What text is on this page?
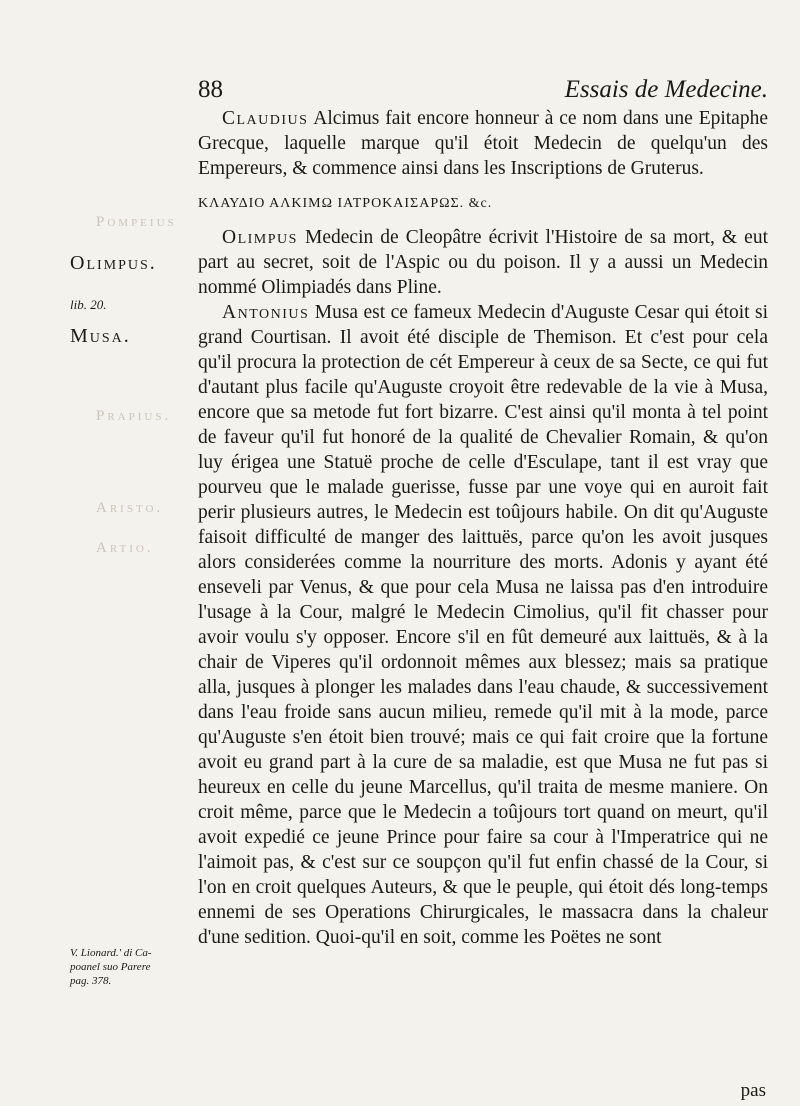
Pompeius
Prapius.
Aristo.
Artio.
88	Essais de Medecine.
Olimpus.
lib. 20.
Musa.
V. Lionard.' di Ca-
poanel suo Parere
pag. 378.

Claudius Alcimus fait encore honneur à ce nom dans une Epitaphe Grecque, laquelle marque qu'il étoit Medecin de quelqu'un des Empereurs, & commence ainsi dans les Inscriptions de Gruterus.

ΚΛΑΥΔΙΟ ΑΛΚΙΜΩ ΙΑΤΡΟΚΑΙΣΑΡΩΣ. &c.

Olimpus Medecin de Cleopâtre écrivit l'Histoire de sa mort, & eut part au secret, soit de l'Aspic ou du poison. Il y a aussi un Medecin nommé Olimpiadés dans Pline.

Antonius Musa est ce fameux Medecin d'Auguste Cesar qui étoit si grand Courtisan. Il avoit été disciple de Themison. Et c'est pour cela qu'il procura la protection de cét Empereur à ceux de sa Secte, ce qui fut d'autant plus facile qu'Auguste croyoit être redevable de la vie à Musa, encore que sa metode fut fort bizarre. C'est ainsi qu'il monta à tel point de faveur qu'il fut honoré de la qualité de Chevalier Romain, & qu'on luy érigea une Statuë proche de celle d'Esculape, tant il est vray que pourveu que le malade guerisse, fusse par une voye qui en auroit fait perir plusieurs autres, le Medecin est toûjours habile. On dit qu'Auguste faisoit difficulté de manger des laittuës, parce qu'on les avoit jusques alors considerées comme la nourriture des morts. Adonis y ayant été enseveli par Venus, & que pour cela Musa ne laissa pas d'en introduire l'usage à la Cour, malgré le Medecin Cimolius, qu'il fit chasser pour avoir voulu s'y opposer. Encore s'il en fût demeuré aux laittuës, & à la chair de Viperes qu'il ordonnoit mêmes aux blessez; mais sa pratique alla, jusques à plonger les malades dans l'eau chaude, & successivement dans l'eau froide sans aucun milieu, remede qu'il mit à la mode, parce qu'Auguste s'en étoit bien trouvé; mais ce qui fait croire que la fortune avoit eu grand part à la cure de sa maladie, est que Musa ne fut pas si heureux en celle du jeune Marcellus, qu'il traita de mesme maniere. On croit même, parce que le Medecin a toûjours tort quand on meurt, qu'il avoit expedié ce jeune Prince pour faire sa cour à l'Imperatrice qui ne l'aimoit pas, & c'est sur ce soupçon qu'il fut enfin chassé de la Cour, si l'on en croit quelques Auteurs, & que le peuple, qui étoit dés long-temps ennemi de ses Operations Chirurgicales, le massacra dans la chaleur d'une sedition. Quoi-qu'il en soit, comme les Poëtes ne sont

pas
